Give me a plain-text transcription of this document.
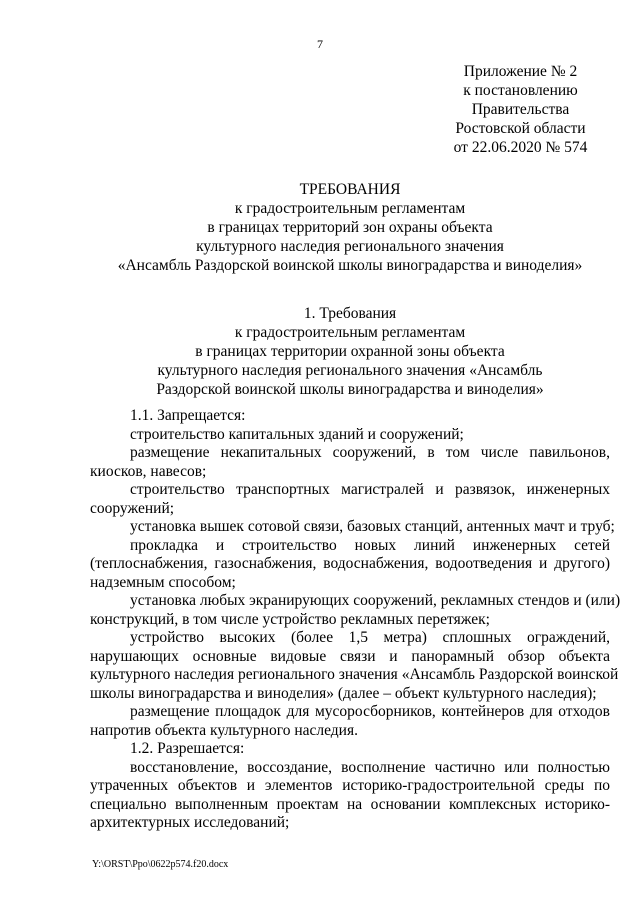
7
Приложение № 2
к постановлению
Правительства
Ростовской области
от 22.06.2020 № 574
ТРЕБОВАНИЯ
к градостроительным регламентам
в границах территорий зон охраны объекта
культурного наследия регионального значения
«Ансамбль Раздорской воинской школы виноградарства и виноделия»
1. Требования
к градостроительным регламентам
в границах территории охранной зоны объекта
культурного наследия регионального значения «Ансамбль
Раздорской воинской школы виноградарства и виноделия»
1.1. Запрещается:
строительство капитальных зданий и сооружений;
размещение некапитальных сооружений, в том числе павильонов,
киосков, навесов;
строительство транспортных магистралей и развязок, инженерных
сооружений;
установка вышек сотовой связи, базовых станций, антенных мачт и труб;
прокладка и строительство новых линий инженерных сетей
(теплоснабжения, газоснабжения, водоснабжения, водоотведения и другого)
надземным способом;
установка любых экранирующих сооружений, рекламных стендов и (или)
конструкций, в том числе устройство рекламных перетяжек;
устройство высоких (более 1,5 метра) сплошных ограждений,
нарушающих основные видовые связи и панорамный обзор объекта
культурного наследия регионального значения «Ансамбль Раздорской воинской
школы виноградарства и виноделия» (далее – объект культурного наследия);
размещение площадок для мусоросборников, контейнеров для отходов
напротив объекта культурного наследия.
1.2. Разрешается:
восстановление, воссоздание, восполнение частично или полностью
утраченных объектов и элементов историко-градостроительной среды по
специально выполненным проектам на основании комплексных историко-
архитектурных исследований;
Y:\ORST\Ppo\0622p574.f20.docx
